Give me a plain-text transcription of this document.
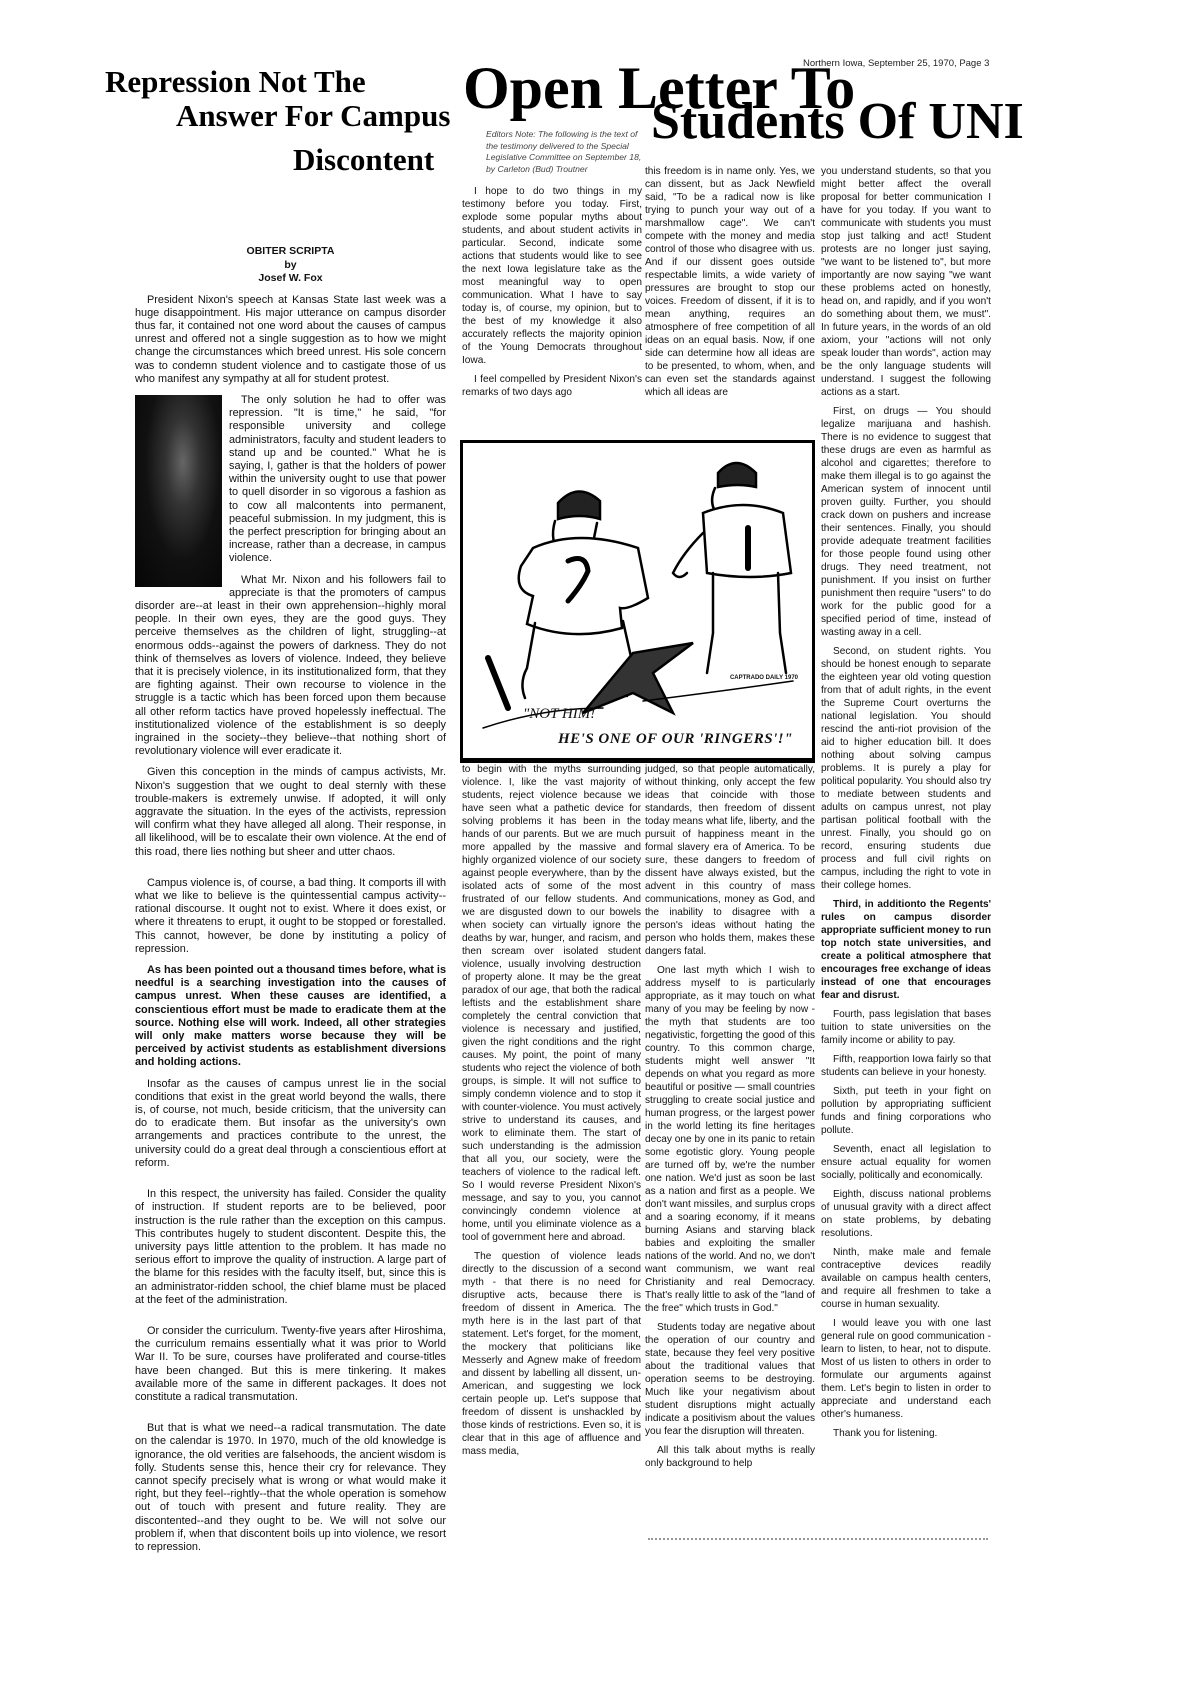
Northern Iowa, September 25, 1970, Page 3
Repression Not The
Answer For Campus
Discontent
OBITER SCRIPTA
by
Josef W. Fox

President Nixon's speech at Kansas State last week was a huge disappointment. His major utterance on campus disorder thus far, it contained not one word about the causes of campus unrest and offered not a single suggestion as to how we might change the circumstances which breed unrest. His sole concern was to condemn student violence and to castigate those of us who manifest any sympathy at all for student protest.

The only solution he had to offer was repression. "It is time," he said, "for responsible university and college administrators, faculty and student leaders to stand up and be counted." What he is saying, I, gather is that the holders of power within the university ought to use that power to quell disorder in so vigorous a fashion as to cow all malcontents into permanent, peaceful submission. In my judgment, this is the perfect prescription for bringing about an increase, rather than a decrease, in campus violence.

What Mr. Nixon and his followers fail to appreciate is that the promoters of campus disorder are--at least in their own apprehension--highly moral people. In their own eyes, they are the good guys. They perceive themselves as the children of light, struggling--at enormous odds--against the powers of darkness. They do not think of themselves as lovers of violence. Indeed, they believe that it is precisely violence, in its institutionalized form, that they are fighting against. Their own recourse to violence in the struggle is a tactic which has been forced upon them because all other reform tactics have proved hopelessly ineffectual. The institutionalized violence of the establishment is so deeply ingrained in the society--they believe--that nothing short of revolutionary violence will ever eradicate it.

Given this conception in the minds of campus activists, Mr. Nixon's suggestion that we ought to deal sternly with these trouble-makers is extremely unwise. If adopted, it will only aggravate the situation. In the eyes of the activists, repression will confirm what they have alleged all along. Their response, in all likelihood, will be to escalate their own violence. At the end of this road, there lies nothing but sheer and utter chaos.

Campus violence is, of course, a bad thing. It comports ill with what we like to believe is the quintessential campus activity--rational discourse. It ought not to exist. Where it does exist, or where it threatens to erupt, it ought to be stopped or forestalled. This cannot, however, be done by instituting a policy of repression.

As has been pointed out a thousand times before, what is needful is a searching investigation into the causes of campus unrest. When these causes are identified, a conscientious effort must be made to eradicate them at the source. Nothing else will work. Indeed, all other strategies will only make matters worse because they will be perceived by activist students as establishment diversions and holding actions.

Insofar as the causes of campus unrest lie in the social conditions that exist in the great world beyond the walls, there is, of course, not much, beside criticism, that the university can do to eradicate them. But insofar as the university's own arrangements and practices contribute to the unrest, the university could do a great deal through a conscientious effort at reform.

In this respect, the university has failed. Consider the quality of instruction. If student reports are to be believed, poor instruction is the rule rather than the exception on this campus. This contributes hugely to student discontent. Despite this, the university pays little attention to the problem. It has made no serious effort to improve the quality of instruction. A large part of the blame for this resides with the faculty itself, but, since this is an administrator-ridden school, the chief blame must be placed at the feet of the administration.

Or consider the curriculum. Twenty-five years after Hiroshima, the curriculum remains essentially what it was prior to World War II. To be sure, courses have proliferated and course-titles have been changed. But this is mere tinkering. It makes available more of the same in different packages. It does not constitute a radical transmutation.

But that is what we need--a radical transmutation. The date on the calendar is 1970. In 1970, much of the old knowledge is ignorance, the old verities are falsehoods, the ancient wisdom is folly. Students sense this, hence their cry for relevance. They cannot specify precisely what is wrong or what would make it right, but they feel--rightly--that the whole operation is somehow out of touch with present and future reality. They are discontented--and they ought to be. We will not solve our problem if, when that discontent boils up into violence, we resort to repression.

Open Letter To
Students Of UNI
Editors Note: The following is the text of the testimony delivered to the Special Legislative Committee on September 18, by Carleton (Bud) Troutner

I hope to do two things in my testimony before you today. First, explode some popular myths about students, and about student activits in particular. Second, indicate some actions that students would like to see the next Iowa legislature take as the most meaningful way to open communication. What I have to say today is, of course, my opinion, but to the best of my knowledge it also accurately reflects the majority opinion of the Young Democrats throughout Iowa.

I feel compelled by President Nixon's remarks of two days ago

this freedom is in name only. Yes, we can dissent, but as Jack Newfield said, "To be a radical now is like trying to punch your way out of a marshmallow cage". We can't compete with the money and media control of those who disagree with us. And if our dissent goes outside respectable limits, a wide variety of pressures are brought to stop our voices. Freedom of dissent, if it is to mean anything, requires an atmosphere of free competition of all ideas on an equal basis. Now, if one side can determine how all ideas are to be presented, to whom, when, and can even set the standards against which all ideas are

CAPTRADO DAILY 1970
"NOT HIM!
HE'S ONE OF OUR 'RINGERS'!"

to begin with the myths surrounding violence. I, like the vast majority of students, reject violence because we have seen what a pathetic device for solving problems it has been in the hands of our parents. But we are much more appalled by the massive and highly organized violence of our society against people everywhere, than by the isolated acts of some of the most frustrated of our fellow students. And we are disgusted down to our bowels when society can virtually ignore the deaths by war, hunger, and racism, and then scream over isolated student violence, usually involving destruction of property alone. It may be the great paradox of our age, that both the radical leftists and the establishment share completely the central conviction that violence is necessary and justified, given the right conditions and the right causes. My point, the point of many students who reject the violence of both groups, is simple. It will not suffice to simply condemn violence and to stop it with counter-violence. You must actively strive to understand its causes, and work to eliminate them. The start of such understanding is the admission that all you, our society, were the teachers of violence to the radical left. So I would reverse President Nixon's message, and say to you, you cannot convincingly condemn violence at home, until you eliminate violence as a tool of government here and abroad.

The question of violence leads directly to the discussion of a second myth - that there is no need for disruptive acts, because there is freedom of dissent in America. The myth here is in the last part of that statement. Let's forget, for the moment, the mockery that politicians like Messerly and Agnew make of freedom and dissent by labelling all dissent, un-American, and suggesting we lock certain people up. Let's suppose that freedom of dissent is unshackled by those kinds of restrictions. Even so, it is clear that in this age of affluence and mass media,

judged, so that people automatically, without thinking, only accept the few ideas that coincide with those standards, then freedom of dissent today means what life, liberty, and the pursuit of happiness meant in the formal slavery era of America. To be sure, these dangers to freedom of dissent have always existed, but the advent in this country of mass communications, money as God, and the inability to disagree with a person's ideas without hating the person who holds them, makes these dangers fatal.

One last myth which I wish to address myself to is particularly appropriate, as it may touch on what many of you may be feeling by now - the myth that students are too negativistic, forgetting the good of this country. To this common charge, students might well answer "It depends on what you regard as more beautiful or positive — small countries struggling to create social justice and human progress, or the largest power in the world letting its fine heritages decay one by one in its panic to retain some egotistic glory. Young people are turned off by, we're the number one nation. We'd just as soon be last as a nation and first as a people. We don't want missiles, and surplus crops and a soaring economy, if it means burning Asians and starving black babies and exploiting the smaller nations of the world. And no, we don't want communism, we want real Christianity and real Democracy. That's really little to ask of the "land of the free" which trusts in God."

Students today are negative about the operation of our country and state, because they feel very positive about the traditional values that operation seems to be destroying. Much like your negativism about student disruptions might actually indicate a positivism about the values you fear the disruption will threaten.

All this talk about myths is really only background to help

you understand students, so that you might better affect the overall proposal for better communication I have for you today. If you want to communicate with students you must stop just talking and act! Student protests are no longer just saying, "we want to be listened to", but more importantly are now saying "we want these problems acted on honestly, head on, and rapidly, and if you won't do something about them, we must". In future years, in the words of an old axiom, your "actions will not only speak louder than words", action may be the only language students will understand. I suggest the following actions as a start.

First, on drugs — You should legalize marijuana and hashish. There is no evidence to suggest that these drugs are even as harmful as alcohol and cigarettes; therefore to make them illegal is to go against the American system of innocent until proven guilty. Further, you should crack down on pushers and increase their sentences. Finally, you should provide adequate treatment facilities for those people found using other drugs. They need treatment, not punishment. If you insist on further punishment then require "users" to do work for the public good for a specified period of time, instead of wasting away in a cell.

Second, on student rights. You should be honest enough to separate the eighteen year old voting question from that of adult rights, in the event the Supreme Court overturns the national legislation. You should rescind the anti-riot provision of the aid to higher education bill. It does nothing about solving campus problems. It is purely a play for political popularity. You should also try to mediate between students and adults on campus unrest, not play partisan political football with the unrest. Finally, you should go on record, ensuring students due process and full civil rights on campus, including the right to vote in their college homes.

Third, in additionto the Regents' rules on campus disorder appropriate sufficient money to run top notch state universities, and create a political atmosphere that encourages free exchange of ideas instead of one that encourages fear and disrust.

Fourth, pass legislation that bases tuition to state universities on the family income or ability to pay.

Fifth, reapportion Iowa fairly so that students can believe in your honesty.

Sixth, put teeth in your fight on pollution by appropriating sufficient funds and fining corporations who pollute.

Seventh, enact all legislation to ensure actual equality for women socially, politically and economically.

Eighth, discuss national problems of unusual gravity with a direct affect on state problems, by debating resolutions.

Ninth, make male and female contraceptive devices readily available on campus health centers, and require all freshmen to take a course in human sexuality.

I would leave you with one last general rule on good communication - learn to listen, to hear, not to dispute. Most of us listen to others in order to formulate our arguments against them. Let's begin to listen in order to appreciate and understand each other's humaness.

Thank you for listening.
